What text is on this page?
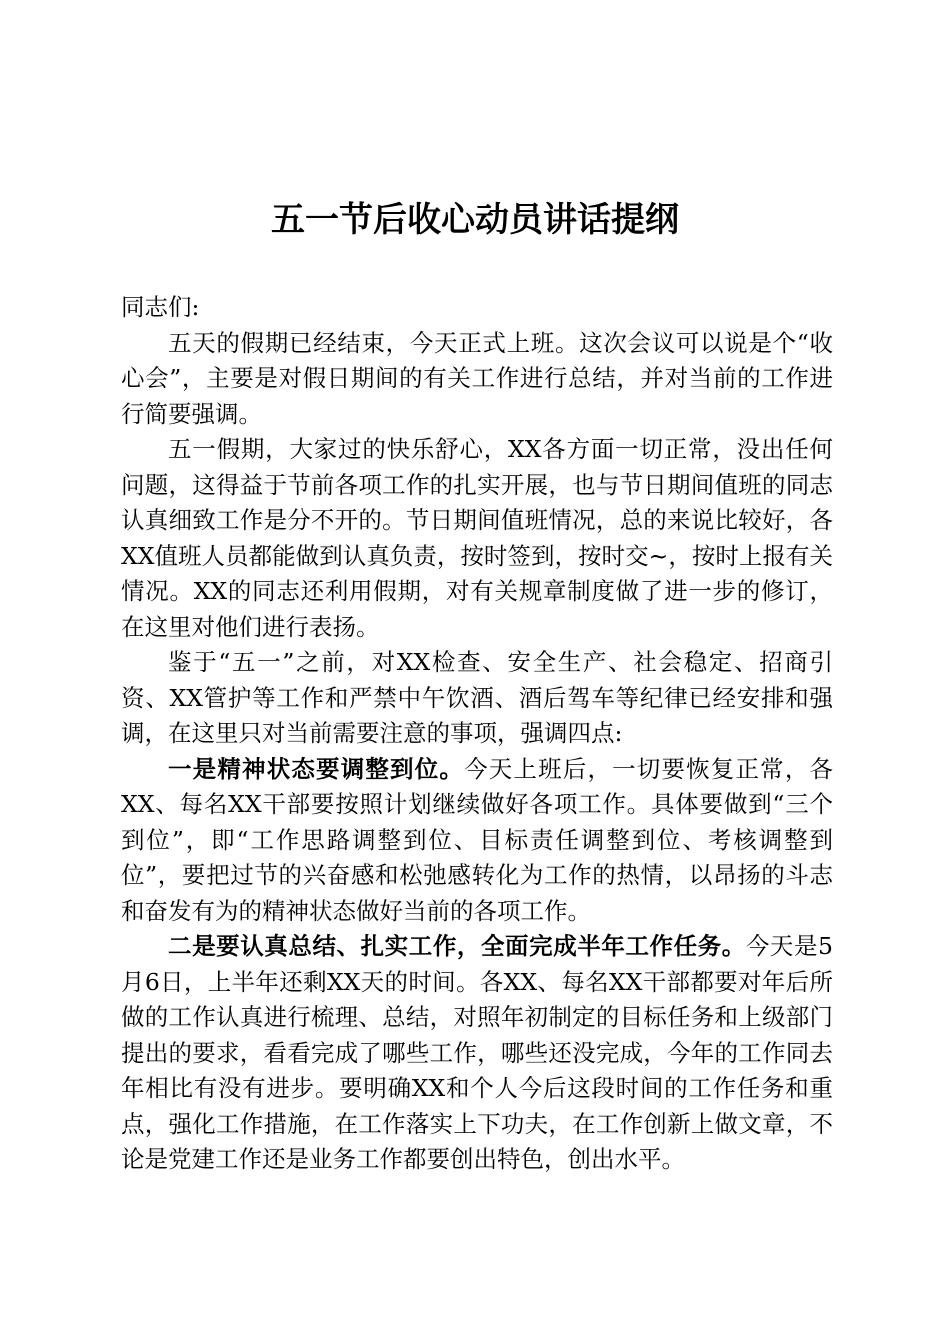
五一节后收心动员讲话提纲

同志们:

五天的假期已经结束，今天正式上班。这次会议可以说是个“收心会”，主要是对假日期间的有关工作进行总结，并对当前的工作进行简要强调。

五一假期，大家过的快乐舒心，XX各方面一切正常，没出任何问题，这得益于节前各项工作的扎实开展，也与节日期间值班的同志认真细致工作是分不开的。节日期间值班情况，总的来说比较好，各XX值班人员都能做到认真负责，按时签到，按时交~，按时上报有关情况。XX的同志还利用假期，对有关规章制度做了进一步的修订，在这里对他们进行表扬。

鉴于“五一”之前，对XX检查、安全生产、社会稳定、招商引资、XX管护等工作和严禁中午饮酒、酒后驾车等纪律已经安排和强调，在这里只对当前需要注意的事项，强调四点:

一是精神状态要调整到位。今天上班后，一切要恢复正常，各XX、每名XX干部要按照计划继续做好各项工作。具体要做到“三个到位”，即“工作思路调整到位、目标责任调整到位、考核调整到位”，要把过节的兴奋感和松弛感转化为工作的热情，以昂扬的斗志和奋发有为的精神状态做好当前的各项工作。

二是要认真总结、扎实工作，全面完成半年工作任务。今天是5月6日，上半年还剩XX天的时间。各XX、每名XX干部都要对年后所做的工作认真进行梳理、总结，对照年初制定的目标任务和上级部门提出的要求，看看完成了哪些工作，哪些还没完成，今年的工作同去年相比有没有进步。要明确XX和个人今后这段时间的工作任务和重点，强化工作措施，在工作落实上下功夫，在工作创新上做文章，不论是党建工作还是业务工作都要创出特色，创出水平。
